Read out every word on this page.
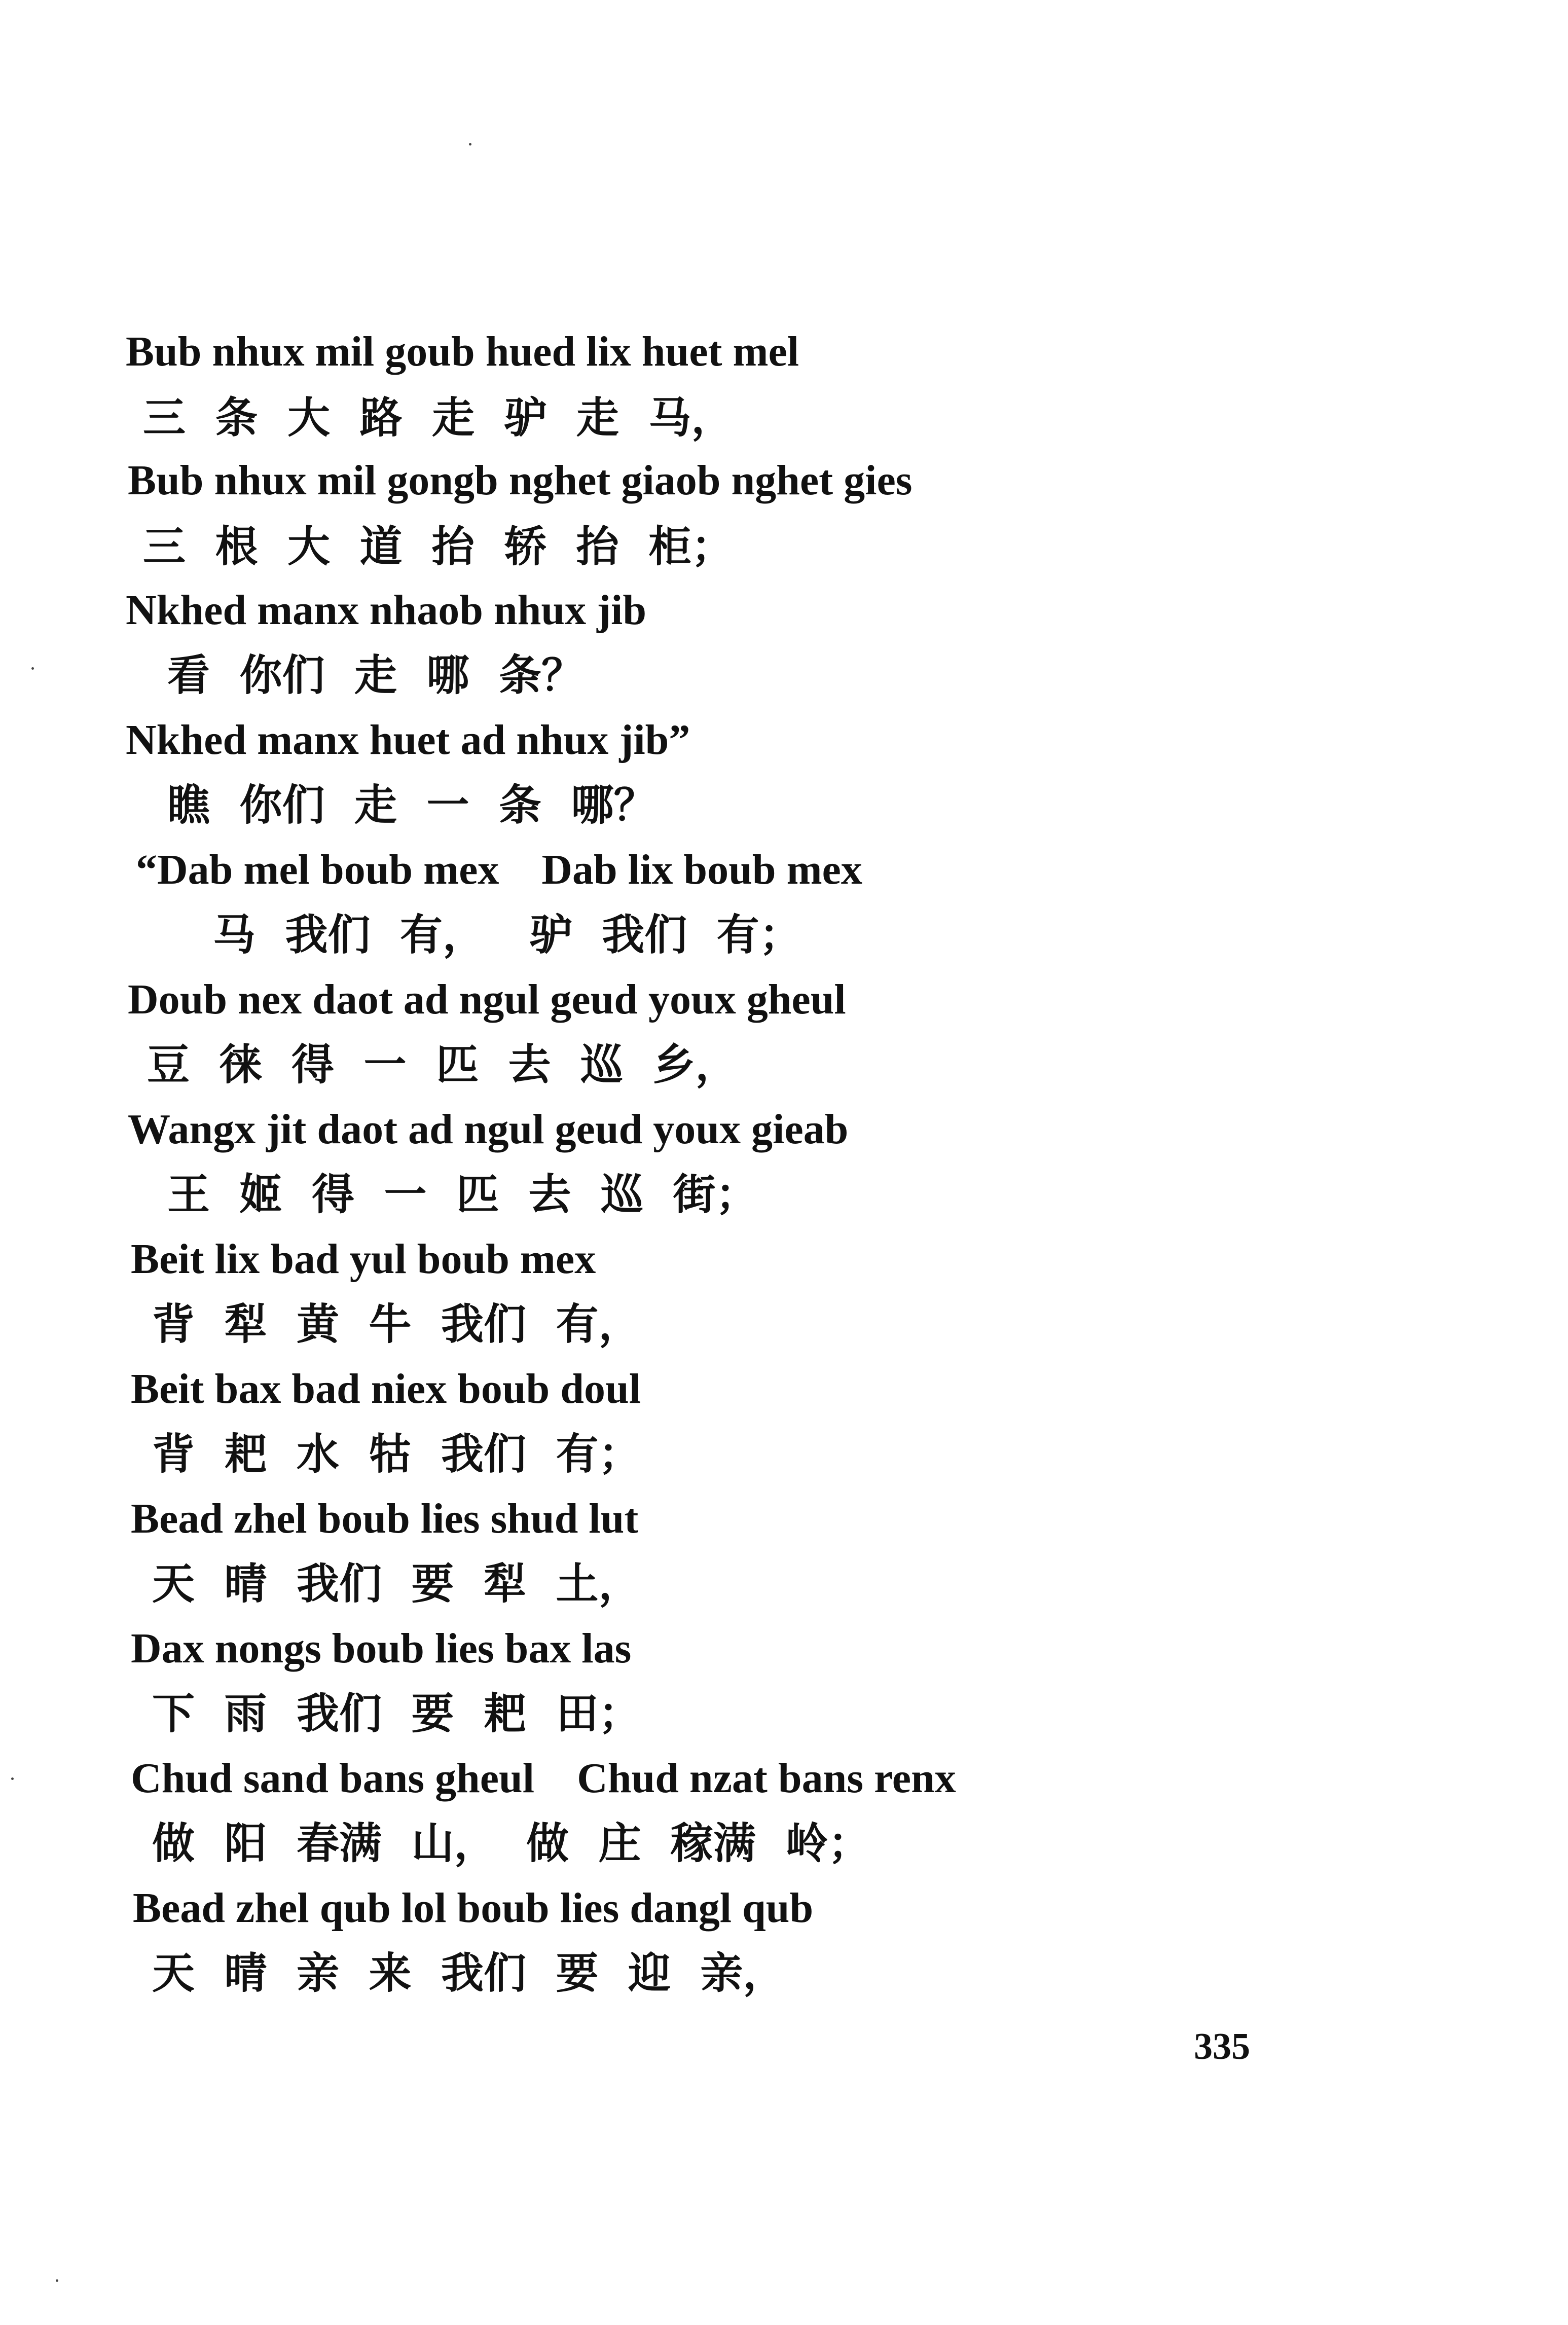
Bub nhux mil goub hued lix huet mel
三  条  大  路  走  驴  走  马，
Bub nhux mil gongb nghet giaob nghet gies
三  根  大  道  抬  轿  抬  柜；
Nkhed manx nhaob nhux jib
看  你们  走  哪  条？
Nkhed manx huet ad nhux jib”
瞧  你们  走  一  条  哪？
“Dab mel boub mex    Dab lix boub mex
马  我们  有，   驴  我们  有；
Doub nex daot ad ngul geud youx gheul
豆  徕  得  一  匹  去  巡  乡，
Wangx jit daot ad ngul geud youx gieab
王  姬  得  一  匹  去  巡  街；
Beit lix bad yul boub mex
背  犁  黄  牛  我们  有，
Beit bax bad niex boub doul
背  耙  水  牯  我们  有；
Bead zhel boub lies shud lut
天  晴  我们  要  犁  土，
Dax nongs boub lies bax las
下  雨  我们  要  耙  田；
Chud sand bans gheul    Chud nzat bans renx
做  阳  春满  山，  做  庄  稼满  岭；
Bead zhel qub lol boub lies dangl qub
天  晴  亲  来  我们  要  迎  亲，
335
